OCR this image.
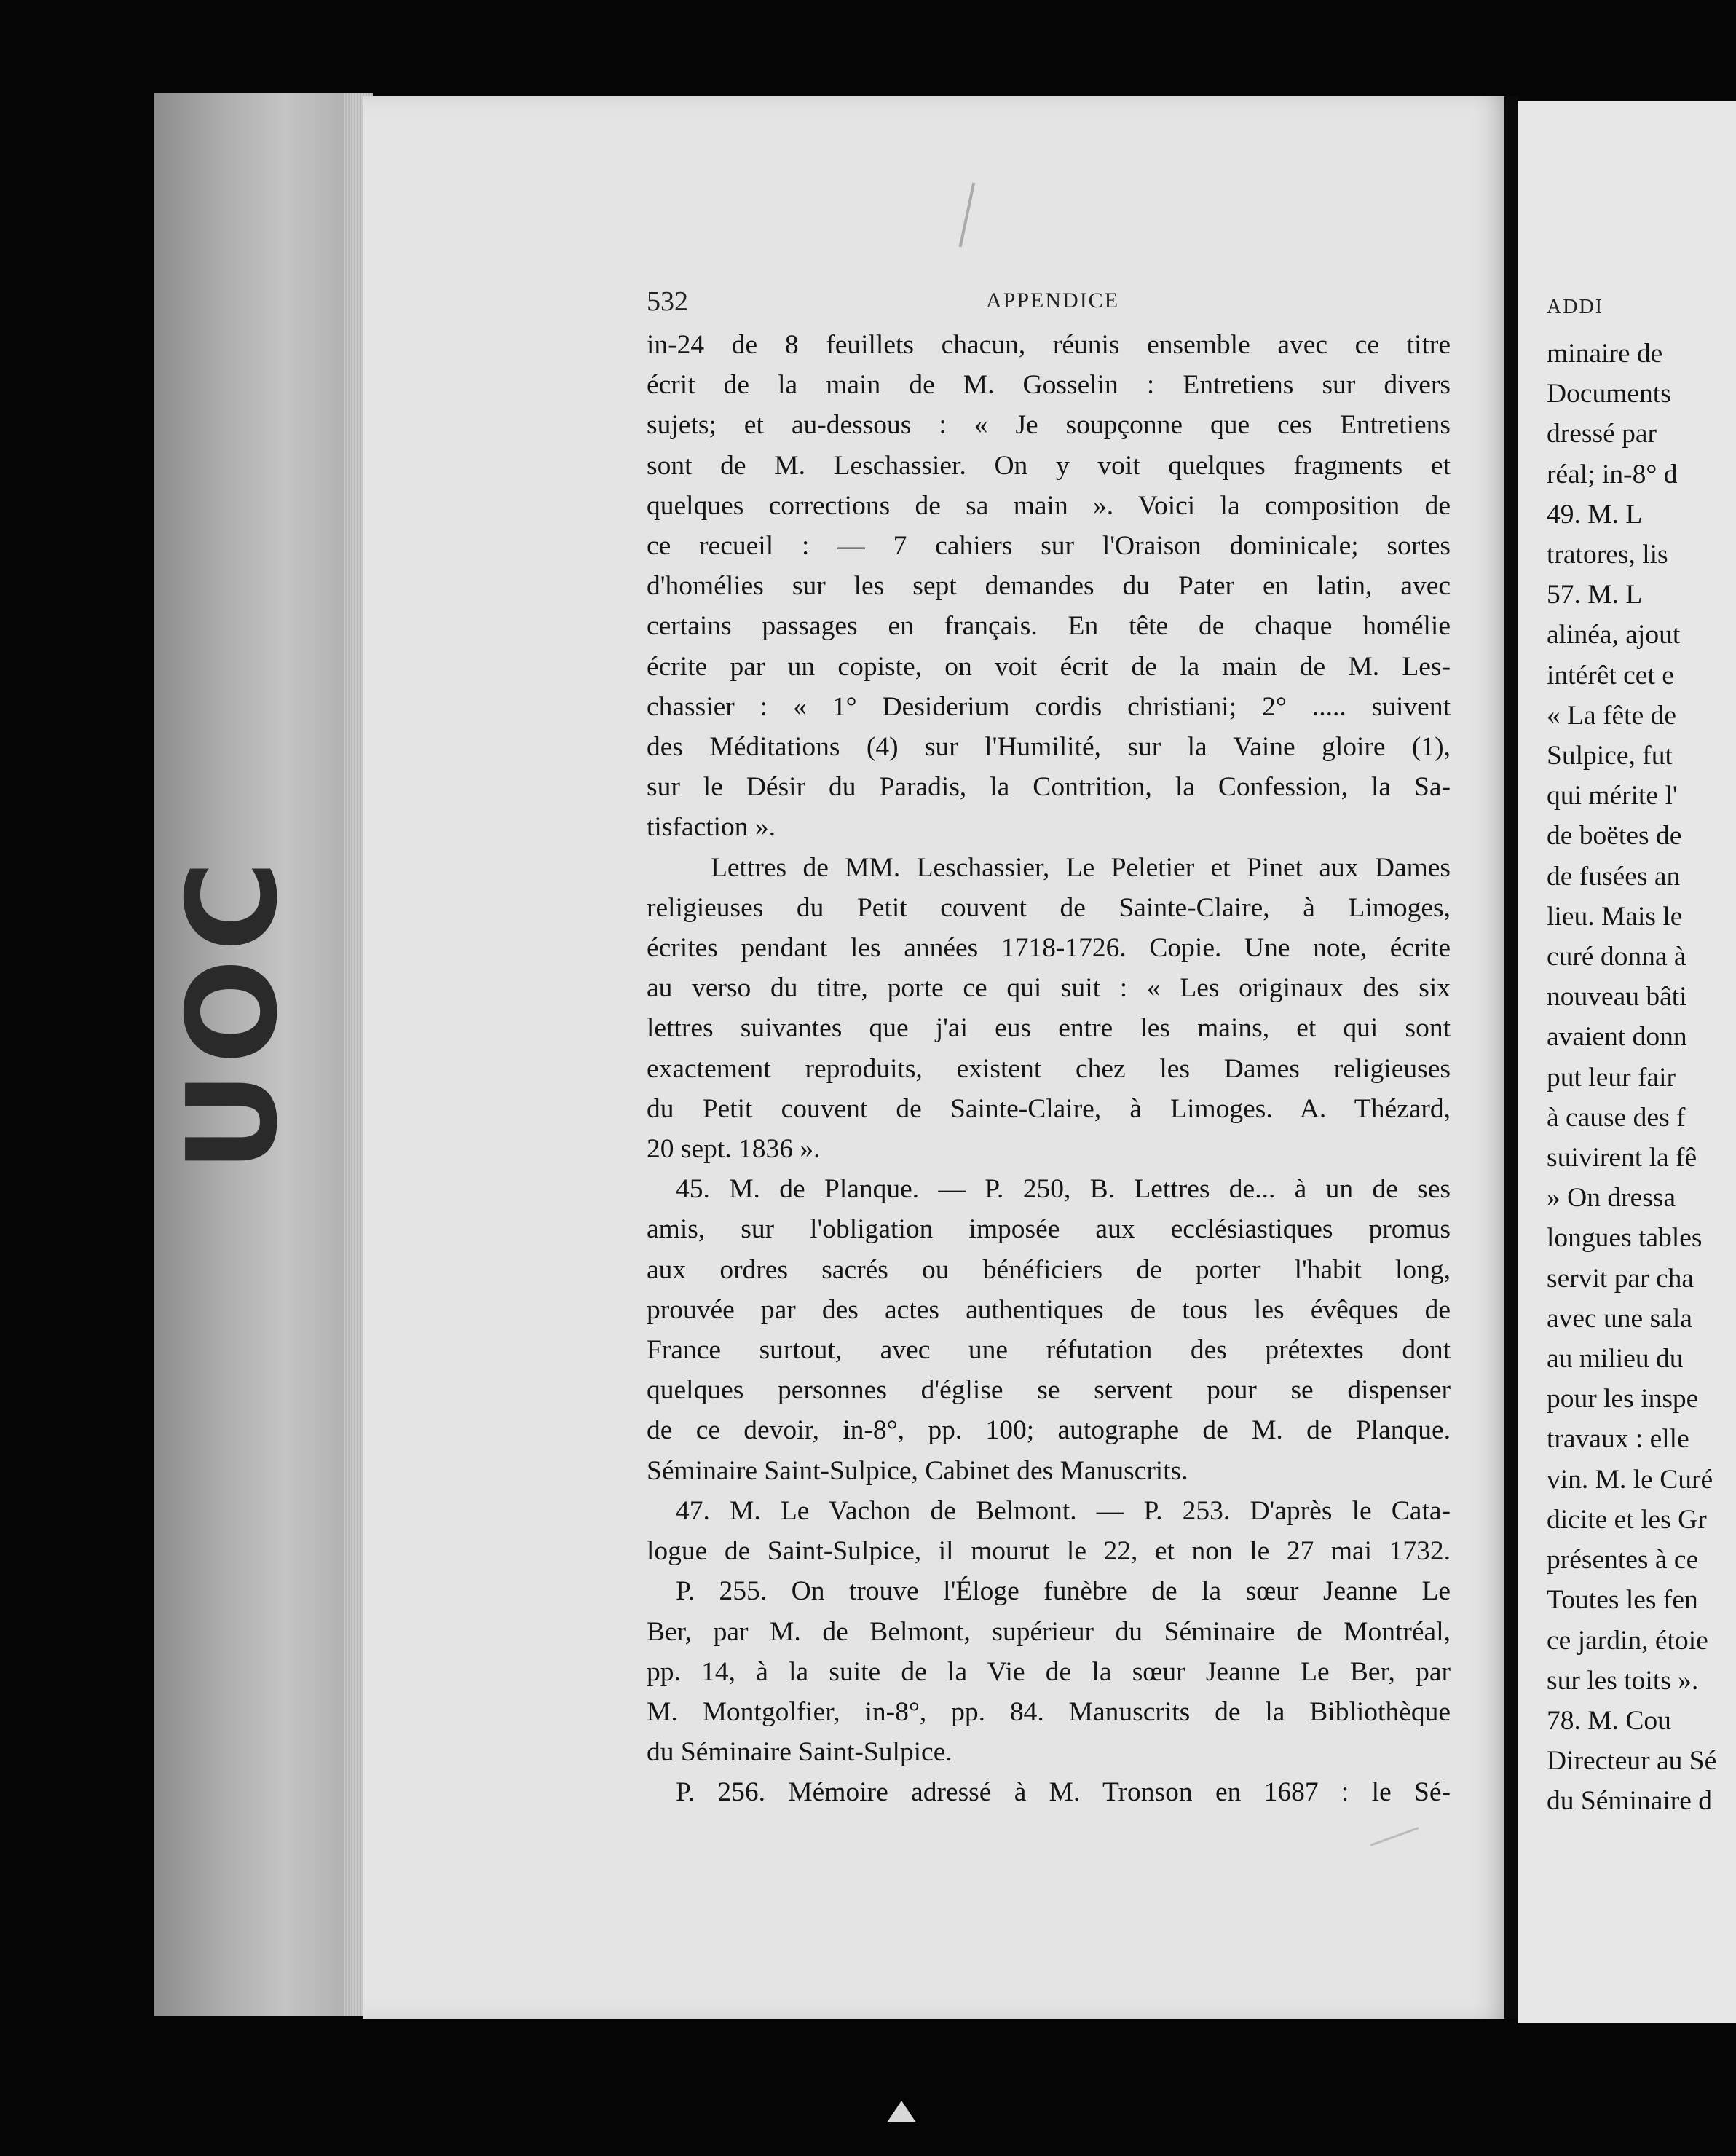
UOC
532	APPENDICE
in-24 de 8 feuillets chacun, réunis ensemble avec ce titre
écrit de la main de M. Gosselin : Entretiens sur divers
sujets; et au-dessous : « Je soupçonne que ces Entretiens
sont de M. Leschassier. On y voit quelques fragments et
quelques corrections de sa main ». Voici la composition de
ce recueil : — 7 cahiers sur l'Oraison dominicale; sortes
d'homélies sur les sept demandes du Pater en latin, avec
certains passages en français. En tête de chaque homélie
écrite par un copiste, on voit écrit de la main de M. Les-
chassier : « 1° Desiderium cordis christiani; 2° ..... suivent
des Méditations (4) sur l'Humilité, sur la Vaine gloire (1),
sur le Désir du Paradis, la Contrition, la Confession, la Sa-
tisfaction ».
Lettres de MM. Leschassier, Le Peletier et Pinet aux Dames
religieuses du Petit couvent de Sainte-Claire, à Limoges,
écrites pendant les années 1718-1726. Copie. Une note, écrite
au verso du titre, porte ce qui suit : « Les originaux des six
lettres suivantes que j'ai eus entre les mains, et qui sont
exactement reproduits, existent chez les Dames religieuses
du Petit couvent de Sainte-Claire, à Limoges. A. Thézard,
20 sept. 1836 ».
45. M. de Planque. — P. 250, B. Lettres de... à un de ses
amis, sur l'obligation imposée aux ecclésiastiques promus
aux ordres sacrés ou bénéficiers de porter l'habit long,
prouvée par des actes authentiques de tous les évêques de
France surtout, avec une réfutation des prétextes dont
quelques personnes d'église se servent pour se dispenser
de ce devoir, in-8°, pp. 100; autographe de M. de Planque.
Séminaire Saint-Sulpice, Cabinet des Manuscrits.
47. M. Le Vachon de Belmont. — P. 253. D'après le Cata-
logue de Saint-Sulpice, il mourut le 22, et non le 27 mai 1732.
P. 255. On trouve l'Éloge funèbre de la sœur Jeanne Le
Ber, par M. de Belmont, supérieur du Séminaire de Montréal,
pp. 14, à la suite de la Vie de la sœur Jeanne Le Ber, par
M. Montgolfier, in-8°, pp. 84. Manuscrits de la Bibliothèque
du Séminaire Saint-Sulpice.
P. 256. Mémoire adressé à M. Tronson en 1687 : le Sé-
ADDI
minaire de
Documents
dressé par
réal; in-8° d
49. M. L
tratores, lis
57. M. L
alinéa, ajout
intérêt cet e
« La fête de
Sulpice, fut
qui mérite l'
de boëtes de
de fusées an
lieu. Mais le
curé donna à
nouveau bâti
avaient donn
put leur fair
à cause des f
suivirent la fê
» On dressa
longues tables
servit par cha
avec une sala
au milieu du
pour les inspe
travaux : elle
vin. M. le Curé
dicite et les Gr
présentes à ce
Toutes les fen
ce jardin, étoie
sur les toits ».
78. M. Cou
Directeur au Sé
du Séminaire d
